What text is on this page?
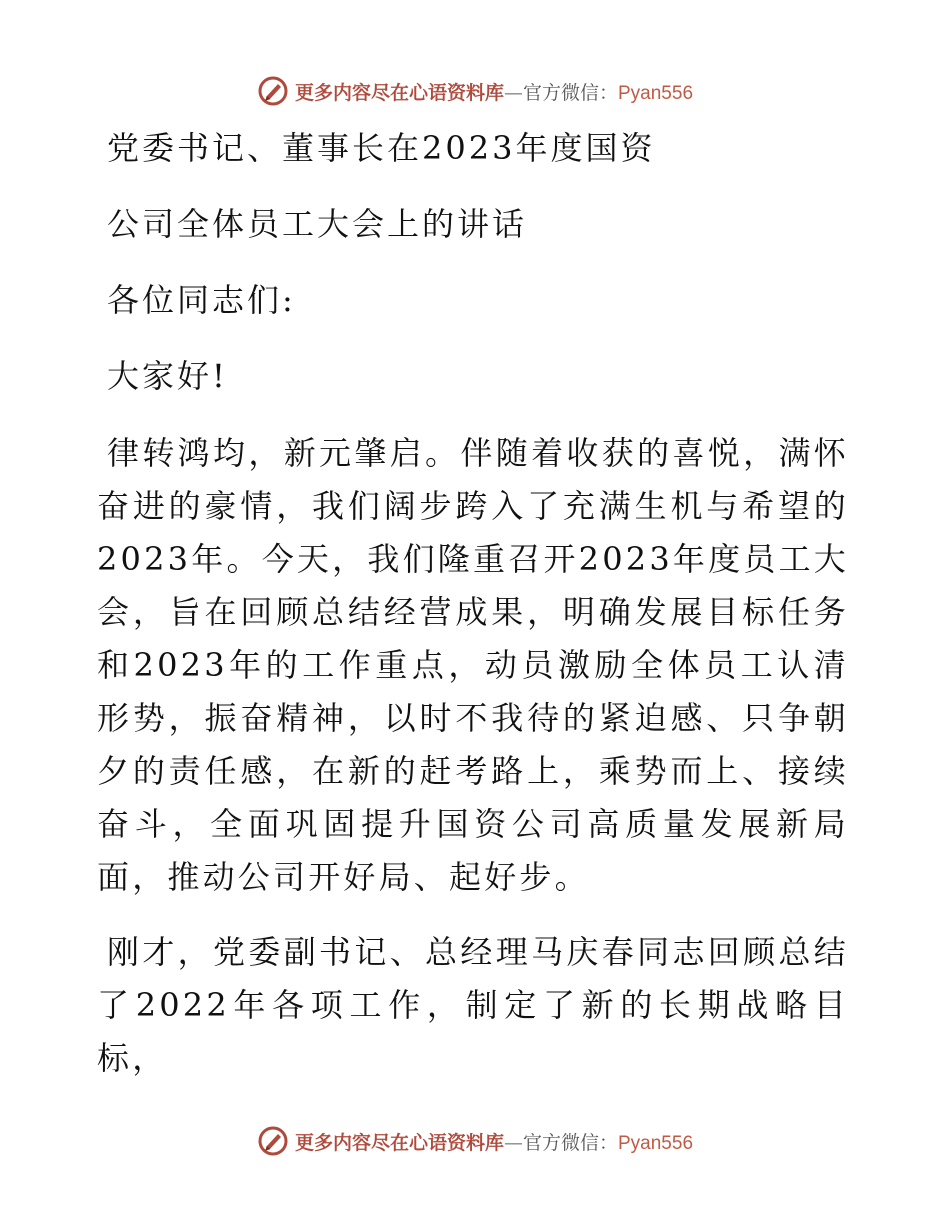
更多内容尽在心语资料库—官方微信：Pyan556

党委书记、董事长在2023年度国资

公司全体员工大会上的讲话

各位同志们:

大家好!

律转鸿均，新元肇启。伴随着收获的喜悦，满怀奋进的豪情，我们阔步跨入了充满生机与希望的2023年。今天，我们隆重召开2023年度员工大会，旨在回顾总结经营成果，明确发展目标任务和2023年的工作重点，动员激励全体员工认清形势，振奋精神，以时不我待的紧迫感、只争朝夕的责任感，在新的赶考路上，乘势而上、接续奋斗，全面巩固提升国资公司高质量发展新局面，推动公司开好局、起好步。

刚才，党委副书记、总经理马庆春同志回顾总结了2022年各项工作，制定了新的长期战略目标，

更多内容尽在心语资料库—官方微信：Pyan556
